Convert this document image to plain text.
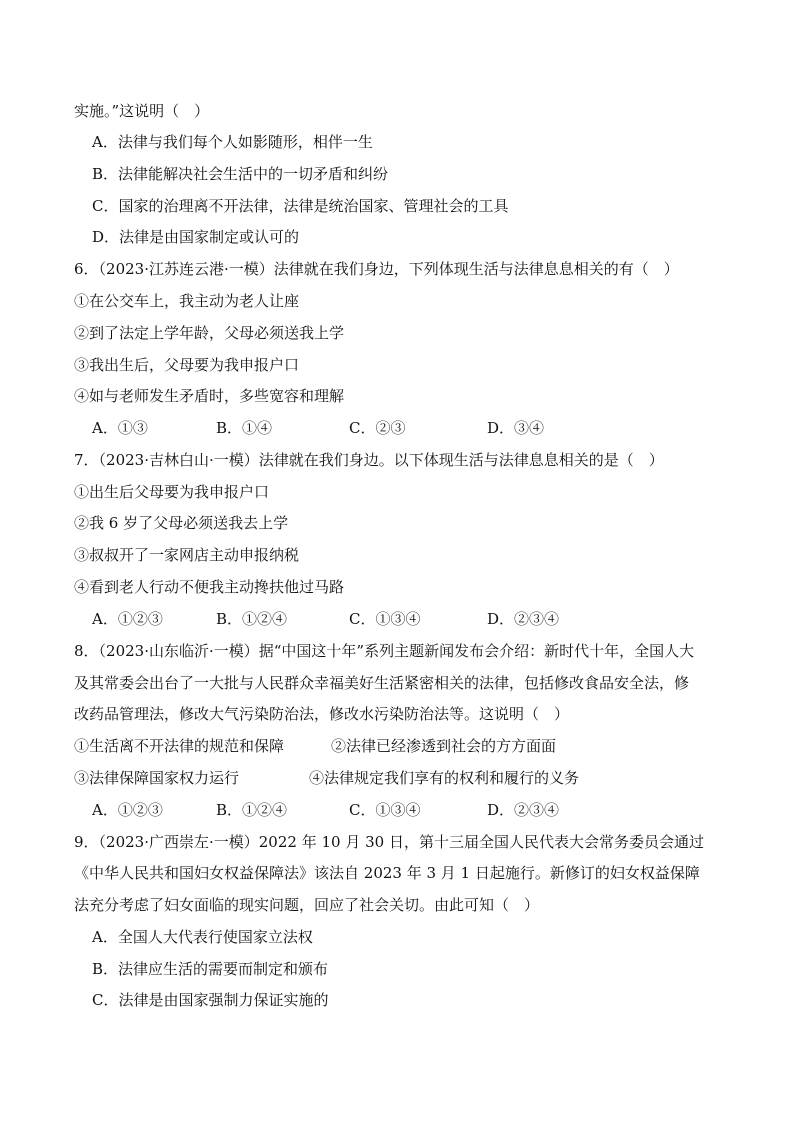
实施。”这说明（　）
A．法律与我们每个人如影随形，相伴一生
B．法律能解决社会生活中的一切矛盾和纠纷
C．国家的治理离不开法律，法律是统治国家、管理社会的工具
D．法律是由国家制定或认可的
6．（2023·江苏连云港·一模）法律就在我们身边，下列体现生活与法律息息相关的有（　）
①在公交车上，我主动为老人让座
②到了法定上学年龄，父母必须送我上学
③我出生后，父母要为我申报户口
④如与老师发生矛盾时，多些宽容和理解
A．①③	B．①④	C．②③	D．③④
7．（2023·吉林白山·一模）法律就在我们身边。以下体现生活与法律息息相关的是（　）
①出生后父母要为我申报户口
②我 6 岁了父母必须送我去上学
③叔叔开了一家网店主动申报纳税
④看到老人行动不便我主动搀扶他过马路
A．①②③	B．①②④	C．①③④	D．②③④
8．（2023·山东临沂·一模）据“中国这十年”系列主题新闻发布会介绍：新时代十年，全国人大
及其常委会出台了一大批与人民群众幸福美好生活紧密相关的法律，包括修改食品安全法，修
改药品管理法，修改大气污染防治法，修改水污染防治法等。这说明（　）
①生活离不开法律的规范和保障	②法律已经渗透到社会的方方面面
③法律保障国家权力运行	④法律规定我们享有的权利和履行的义务
A．①②③	B．①②④	C．①③④	D．②③④
9．（2023·广西崇左·一模）2022 年 10 月 30 日，第十三届全国人民代表大会常务委员会通过
《中华人民共和国妇女权益保障法》该法自 2023 年 3 月 1 日起施行。新修订的妇女权益保障
法充分考虑了妇女面临的现实问题，回应了社会关切。由此可知（　）
A．全国人大代表行使国家立法权
B．法律应生活的需要而制定和颁布
C．法律是由国家强制力保证实施的
